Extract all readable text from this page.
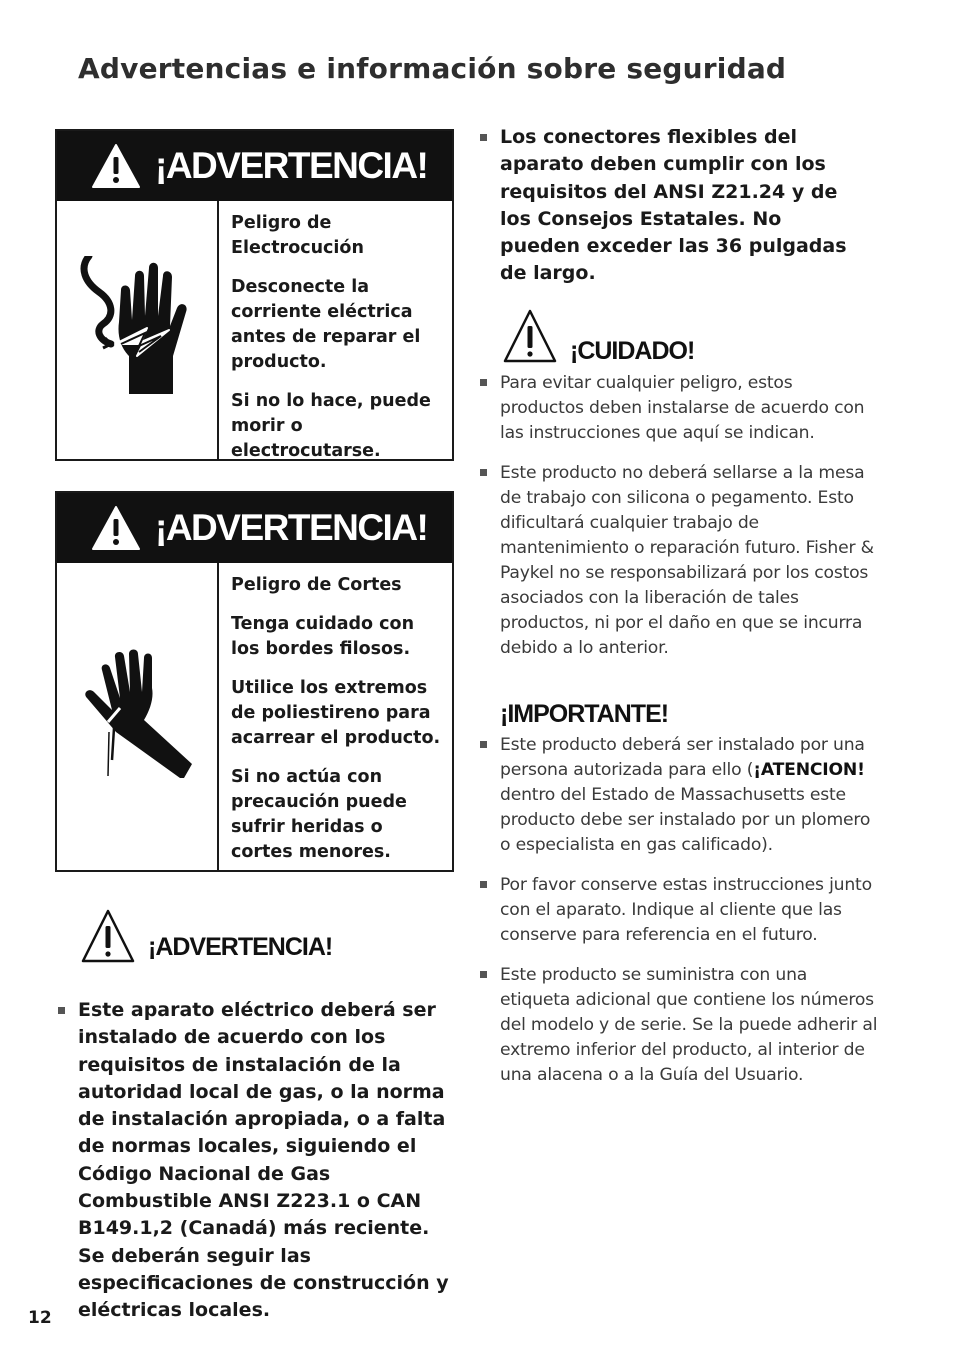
Advertencias e información sobre seguridad
¡ADVERTENCIA!

Peligro de Electrocución

Desconecte la corriente eléctrica antes de reparar el producto.

Si no lo hace, puede morir o electrocutarse.

¡ADVERTENCIA!

Peligro de Cortes

Tenga cuidado con los bordes filosos.

Utilice los extremos de poliestireno para acarrear el producto.

Si no actúa con precaución puede sufrir heridas o cortes menores.

¡ADVERTENCIA!
Este aparato eléctrico deberá ser instalado de acuerdo con los requisitos de instalación de la autoridad local de gas, o la norma de instalación apropiada, o a falta de normas locales, siguiendo el Código Nacional de Gas Combustible ANSI Z223.1 o CAN B149.1,2 (Canadá) más reciente. Se deberán seguir las especificaciones de construcción y eléctricas locales.
Los conectores flexibles del aparato deben cumplir con los requisitos del ANSI Z21.24 y de los Consejos Estatales. No pueden exceder las 36 pulgadas de largo.
¡CUIDADO!
Para evitar cualquier peligro, estos productos deben instalarse de acuerdo con las instrucciones que aquí se indican.
Este producto no deberá sellarse a la mesa de trabajo con silicona o pegamento. Esto dificultará cualquier trabajo de mantenimiento o reparación futuro. Fisher & Paykel no se responsabilizará por los costos asociados con la liberación de tales productos, ni por el daño en que se incurra debido a lo anterior.
¡IMPORTANTE!
Este producto deberá ser instalado por una persona autorizada para ello (¡ATENCION! dentro del Estado de Massachusetts este producto debe ser instalado por un plomero o especialista en gas calificado).
Por favor conserve estas instrucciones junto con el aparato. Indique al cliente que las conserve para referencia en el futuro.
Este producto se suministra con una etiqueta adicional que contiene los números del modelo y de serie. Se la puede adherir al extremo inferior del producto, al interior de una alacena o a la Guía del Usuario.
12
